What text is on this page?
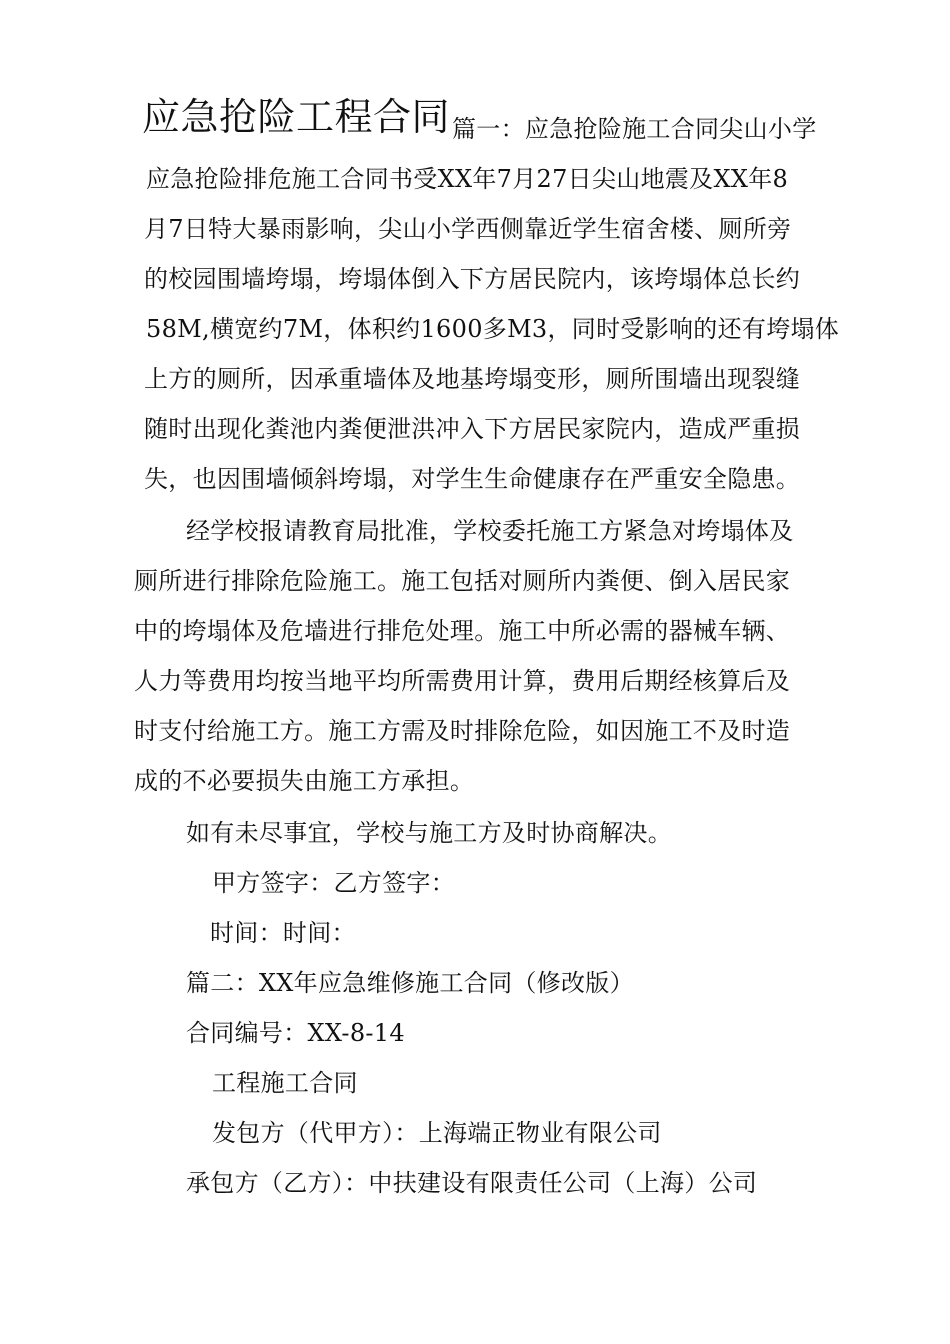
应急抢险工程合同 篇一：应急抢险施工合同尖山小学
应急抢险排危施工合同书受XX年7月27日尖山地震及XX年8
月7日特大暴雨影响，尖山小学西侧靠近学生宿舍楼、厕所旁
的校园围墙垮塌，垮塌体倒入下方居民院内，该垮塌体总长约
58M,横宽约7M，体积约1600多M3，同时受影响的还有垮塌体
上方的厕所，因承重墙体及地基垮塌变形，厕所围墙出现裂缝
随时出现化粪池内粪便泄洪冲入下方居民家院内，造成严重损
失，也因围墙倾斜垮塌，对学生生命健康存在严重安全隐患。
经学校报请教育局批准，学校委托施工方紧急对垮塌体及
厕所进行排除危险施工。施工包括对厕所内粪便、倒入居民家
中的垮塌体及危墙进行排危处理。施工中所必需的器械车辆、
人力等费用均按当地平均所需费用计算，费用后期经核算后及
时支付给施工方。施工方需及时排除危险，如因施工不及时造
成的不必要损失由施工方承担。
如有未尽事宜，学校与施工方及时协商解决。
甲方签字：乙方签字：
时间：时间：
篇二：XX年应急维修施工合同（修改版）
合同编号：XX-8-14
工程施工合同
发包方（代甲方）：上海端正物业有限公司
承包方（乙方）：中扶建设有限责任公司（上海）公司
